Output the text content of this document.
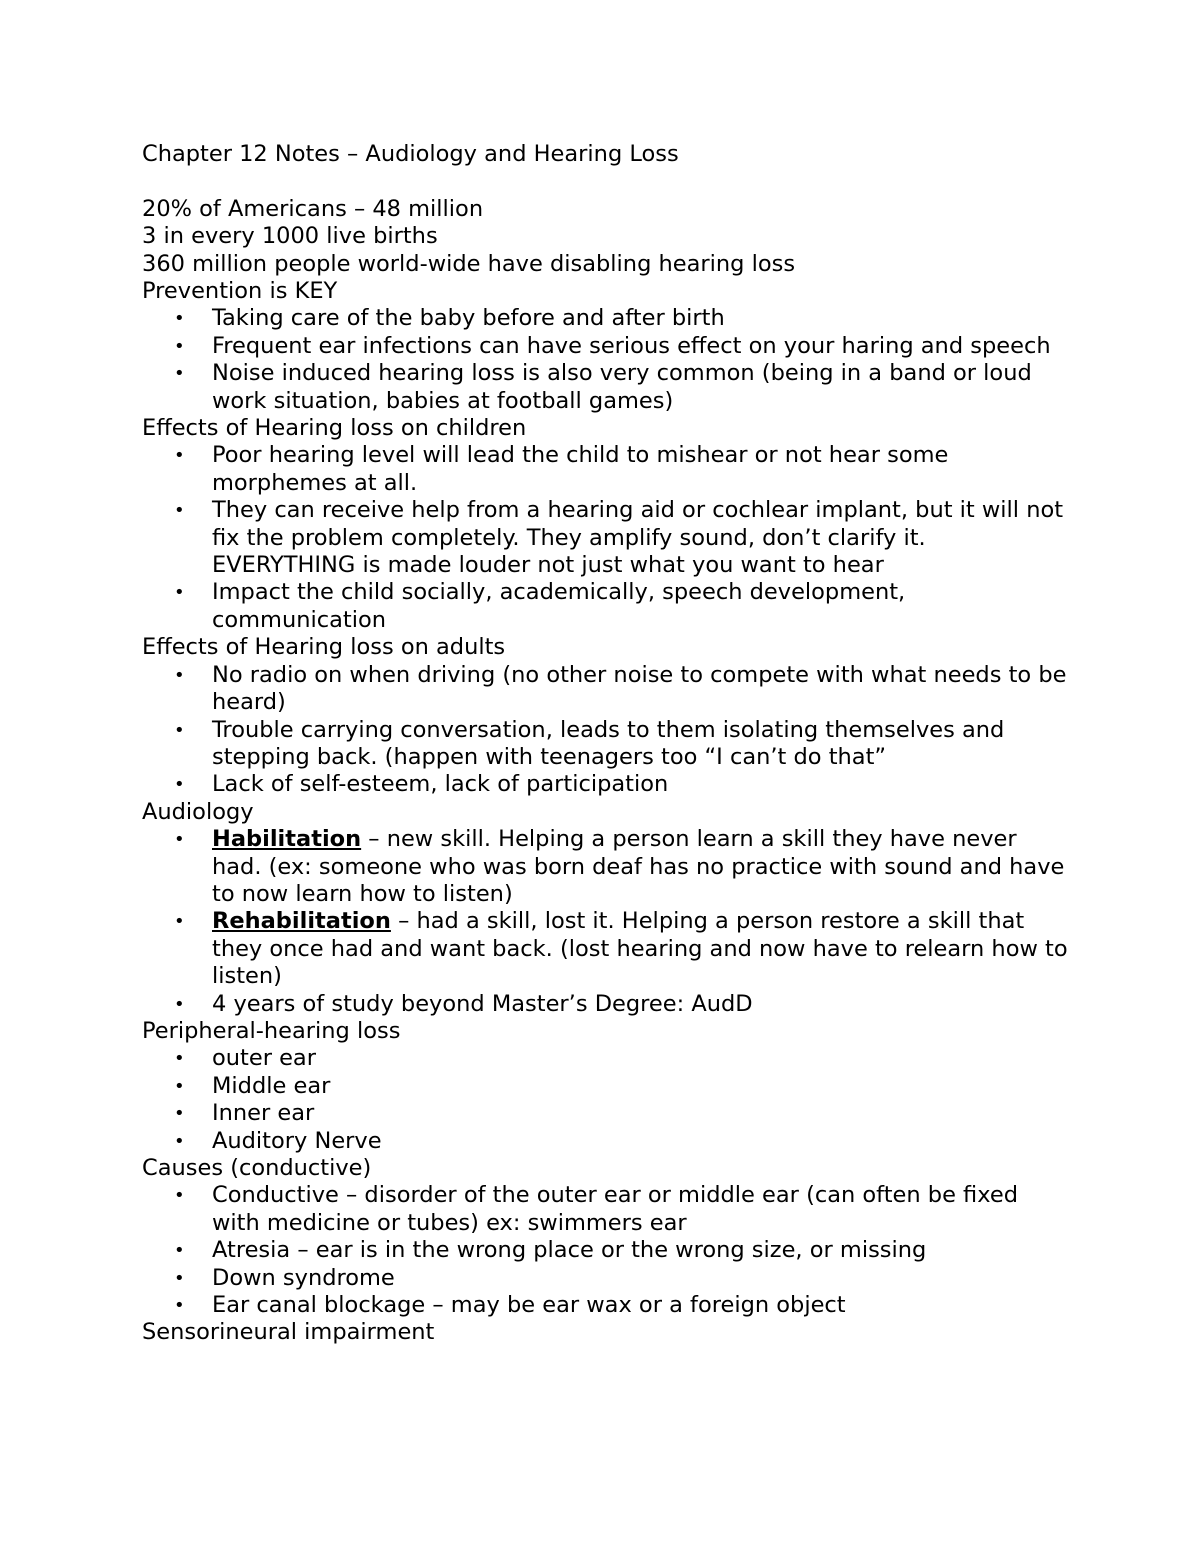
Chapter 12 Notes – Audiology and Hearing Loss

20% of Americans – 48 million

3 in every 1000 live births

360 million people world-wide have disabling hearing loss

Prevention is KEY

• Taking care of the baby before and after birth
• Frequent ear infections can have serious effect on your haring and speech
• Noise induced hearing loss is also very common (being in a band or loud work situation, babies at football games)

Effects of Hearing loss on children

• Poor hearing level will lead the child to mishear or not hear some morphemes at all.
• They can receive help from a hearing aid or cochlear implant, but it will not fix the problem completely. They amplify sound, don’t clarify it. EVERYTHING is made louder not just what you want to hear
• Impact the child socially, academically, speech development, communication

Effects of Hearing loss on adults

• No radio on when driving (no other noise to compete with what needs to be heard)
• Trouble carrying conversation, leads to them isolating themselves and stepping back. (happen with teenagers too “I can’t do that”
• Lack of self-esteem, lack of participation

Audiology

• Habilitation – new skill. Helping a person learn a skill they have never had. (ex: someone who was born deaf has no practice with sound and have to now learn how to listen)
• Rehabilitation – had a skill, lost it. Helping a person restore a skill that they once had and want back. (lost hearing and now have to relearn how to listen)
• 4 years of study beyond Master’s Degree: AudD

Peripheral-hearing loss

• outer ear
• Middle ear
• Inner ear
• Auditory Nerve

Causes (conductive)

• Conductive – disorder of the outer ear or middle ear (can often be fixed with medicine or tubes) ex: swimmers ear
• Atresia – ear is in the wrong place or the wrong size, or missing
• Down syndrome
• Ear canal blockage – may be ear wax or a foreign object

Sensorineural impairment
